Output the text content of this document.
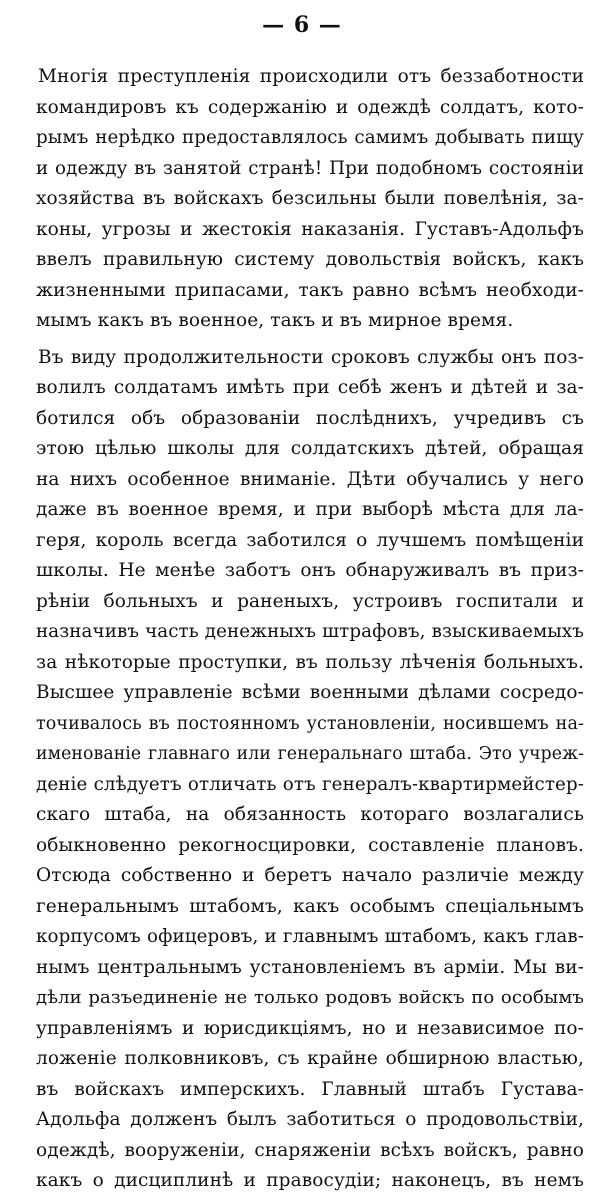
— 6 —
Многія преступленія происходили отъ беззаботности
командировъ къ содержанію и одеждѣ солдатъ, кото-
рымъ нерѣдко предоставлялось самимъ добывать пищу
и одежду въ занятой странѣ! При подобномъ состояніи
хозяйства въ войскахъ безсильны были повелѣнія, за-
коны, угрозы и жестокія наказанія. Густавъ-Адольфъ
ввелъ правильную систему довольствія войскъ, какъ
жизненными припасами, такъ равно всѣмъ необходи-
мымъ какъ въ военное, такъ и въ мирное время.
Въ виду продолжительности сроковъ службы онъ поз-
волилъ солдатамъ имѣть при себѣ женъ и дѣтей и за-
ботился объ образованіи послѣднихъ, учредивъ съ
этою цѣлью школы для солдатскихъ дѣтей, обращая
на нихъ особенное вниманіе. Дѣти обучались у него
даже въ военное время, и при выборѣ мѣста для ла-
геря, король всегда заботился о лучшемъ помѣщеніи
школы. Не менѣе заботъ онъ обнаруживалъ въ приз-
рѣніи больныхъ и раненыхъ, устроивъ госпитали и
назначивъ часть денежныхъ штрафовъ, взыскиваемыхъ
за нѣкоторые проступки, въ пользу лѣченія больныхъ.
Высшее управленіе всѣми военными дѣлами сосредо-
точивалось въ постоянномъ установленіи, носившемъ на-
именованіе главнаго или генеральнаго штаба. Это учреж-
деніе слѣдуетъ отличать отъ генералъ-квартирмейстер-
скаго штаба, на обязанность котораго возлагались
обыкновенно рекогносцировки, составленіе плановъ.
Отсюда собственно и беретъ начало различіе между
генеральнымъ штабомъ, какъ особымъ спеціальнымъ
корпусомъ офицеровъ, и главнымъ штабомъ, какъ глав-
нымъ центральнымъ установленіемъ въ арміи. Мы ви-
дѣли разъединеніе не только родовъ войскъ по особымъ
управленіямъ и юрисдикціямъ, но и независимое по-
ложеніе полковниковъ, съ крайне обширною властью,
въ войскахъ имперскихъ. Главный штабъ Густава-
Адольфа долженъ былъ заботиться о продовольствіи,
одеждѣ, вооруженіи, снаряженіи всѣхъ войскъ, равно
какъ о дисциплинѣ и правосудіи; наконецъ, въ немъ
